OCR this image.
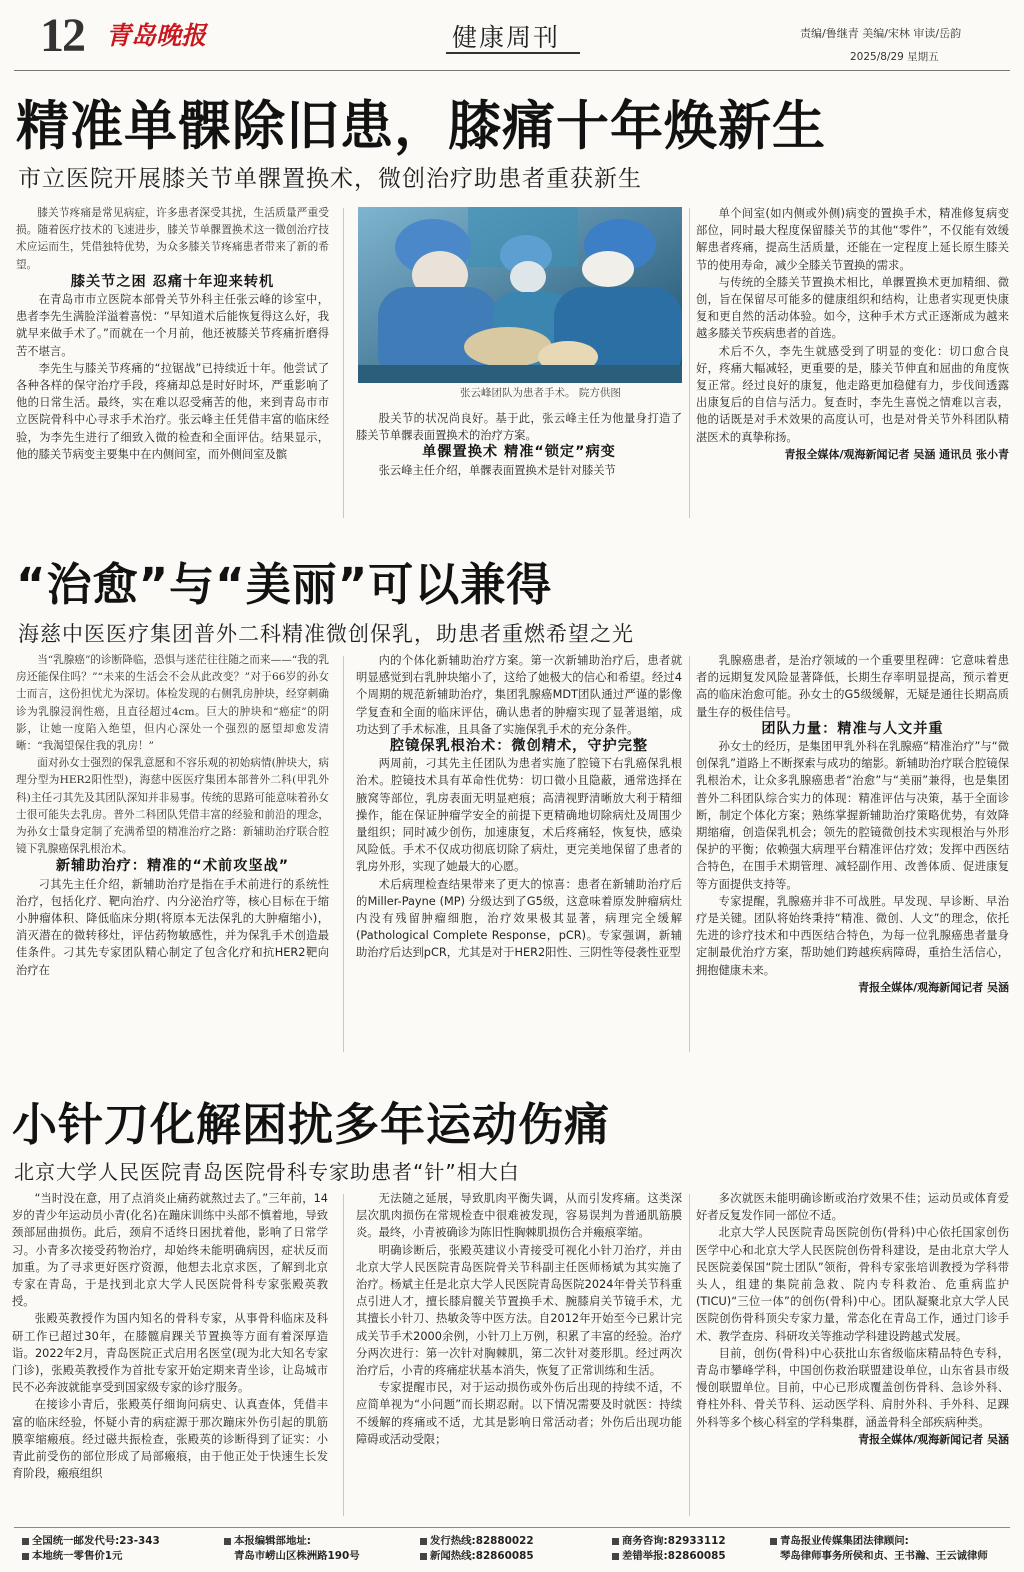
12 青岛晚报	健康周刊	责编/鲁继青 美编/宋林 审读/岳韵
2025/8/29 星期五
精准单髁除旧患，膝痛十年焕新生
市立医院开展膝关节单髁置换术，微创治疗助患者重获新生

膝关节疼痛是常见病症，许多患者深受其扰，生活质量严重受损。随着医疗技术的飞速进步，膝关节单髁置换术这一微创治疗技术应运而生，凭借独特优势，为众多膝关节疼痛患者带来了新的希望。

膝关节之困 忍痛十年迎来转机

在青岛市市立医院本部骨关节外科主任张云峰的诊室中，患者李先生满脸洋溢着喜悦：“早知道术后能恢复得这么好，我就早来做手术了。”而就在一个月前，他还被膝关节疼痛折磨得苦不堪言。

李先生与膝关节疼痛的“拉锯战”已持续近十年。他尝试了各种各样的保守治疗手段，疼痛却总是时好时坏，严重影响了他的日常生活。最终，实在难以忍受痛苦的他，来到青岛市市立医院骨科中心寻求手术治疗。张云峰主任凭借丰富的临床经验，为李先生进行了细致入微的检查和全面评估。结果显示，他的膝关节病变主要集中在内侧间室，而外侧间室及髌

张云峰团队为患者手术。 院方供图

股关节的状况尚良好。基于此，张云峰主任为他量身打造了膝关节单髁表面置换术的治疗方案。

单髁置换术 精准“锁定”病变

张云峰主任介绍，单髁表面置换术是针对膝关节

单个间室(如内侧或外侧)病变的置换手术，精准修复病变部位，同时最大程度保留膝关节的其他“零件”，不仅能有效缓解患者疼痛，提高生活质量，还能在一定程度上延长原生膝关节的使用寿命，减少全膝关节置换的需求。

与传统的全膝关节置换术相比，单髁置换术更加精细、微创，旨在保留尽可能多的健康组织和结构，让患者实现更快康复和更自然的活动体验。如今，这种手术方式正逐渐成为越来越多膝关节疾病患者的首选。

术后不久，李先生就感受到了明显的变化：切口愈合良好，疼痛大幅减轻，更重要的是，膝关节伸直和屈曲的角度恢复正常。经过良好的康复，他走路更加稳健有力，步伐间透露出康复后的自信与活力。复查时，李先生喜悦之情难以言表，他的话既是对手术效果的高度认可，也是对骨关节外科团队精湛医术的真挚称扬。

青报全媒体/观海新闻记者 吴涵 通讯员 张小青

“治愈”与“美丽”可以兼得
海慈中医医疗集团普外二科精准微创保乳，助患者重燃希望之光

当“乳腺癌”的诊断降临，恐惧与迷茫往往随之而来——“我的乳房还能保住吗？”“未来的生活会不会从此改变？”对于66岁的孙女士而言，这份担忧尤为深切。体检发现的右侧乳房肿块，经穿刺确诊为乳腺浸润性癌，且直径超过4cm。巨大的肿块和“癌症”的阴影，让她一度陷入绝望，但内心深处一个强烈的愿望却愈发清晰：“我渴望保住我的乳房！”

面对孙女士强烈的保乳意愿和不容乐观的初始病情(肿块大，病理分型为HER2阳性型)，海慈中医医疗集团本部普外二科(甲乳外科)主任刁其先及其团队深知并非易事。传统的思路可能意味着孙女士很可能失去乳房。普外二科团队凭借丰富的经验和前沿的理念，为孙女士量身定制了充满希望的精准治疗之路：新辅助治疗联合腔镜下乳腺癌保乳根治术。

新辅助治疗：精准的“术前攻坚战”

刁其先主任介绍，新辅助治疗是指在手术前进行的系统性治疗，包括化疗、靶向治疗、内分泌治疗等，核心目标在于缩小肿瘤体积、降低临床分期(将原本无法保乳的大肿瘤缩小)，消灭潜在的微转移灶，评估药物敏感性，并为保乳手术创造最佳条件。刁其先专家团队精心制定了包含化疗和抗HER2靶向治疗在

内的个体化新辅助治疗方案。第一次新辅助治疗后，患者就明显感觉到右乳肿块缩小了，这给了她极大的信心和希望。经过4个周期的规范新辅助治疗，集团乳腺癌MDT团队通过严谨的影像学复查和全面的临床评估，确认患者的肿瘤实现了显著退缩，成功达到了手术标准，且具备了实施保乳手术的充分条件。

腔镜保乳根治术：微创精术，守护完整

两周前，刁其先主任团队为患者实施了腔镜下右乳癌保乳根治术。腔镜技术具有革命性优势：切口微小且隐蔽，通常选择在腋窝等部位，乳房表面无明显疤痕；高清视野清晰放大利于精细操作，能在保证肿瘤学安全的前提下更精确地切除病灶及周围少量组织；同时减少创伤，加速康复，术后疼痛轻，恢复快，感染风险低。手术不仅成功彻底切除了病灶，更完美地保留了患者的乳房外形，实现了她最大的心愿。

术后病理检查结果带来了更大的惊喜：患者在新辅助治疗后的Miller-Payne (MP) 分级达到了G5级，这意味着原发肿瘤病灶内没有残留肿瘤细胞，治疗效果极其显著，病理完全缓解 (Pathological Complete Response，pCR)。专家强调，新辅助治疗后达到pCR，尤其是对于HER2阳性、三阴性等侵袭性亚型

乳腺癌患者，是治疗领域的一个重要里程碑：它意味着患者的远期复发风险显著降低，长期生存率明显提高，预示着更高的临床治愈可能。孙女士的G5级缓解，无疑是通往长期高质量生存的极佳信号。

团队力量：精准与人文并重

孙女士的经历，是集团甲乳外科在乳腺癌“精准治疗”与“微创保乳”道路上不断探索与成功的缩影。新辅助治疗联合腔镜保乳根治术，让众多乳腺癌患者“治愈”与“美丽”兼得，也是集团普外二科团队综合实力的体现：精准评估与决策，基于全面诊断，制定个体化方案；熟练掌握新辅助治疗策略优势，有效降期缩瘤，创造保乳机会；领先的腔镜微创技术实现根治与外形保护的平衡；依赖强大病理平台精准评估疗效；发挥中西医结合特色，在围手术期管理、减轻副作用、改善体质、促进康复等方面提供支持等。

专家提醒，乳腺癌并非不可战胜。早发现、早诊断、早治疗是关键。团队将始终秉持“精准、微创、人文”的理念，依托先进的诊疗技术和中西医结合特色，为每一位乳腺癌患者量身定制最优治疗方案，帮助她们跨越疾病障碍，重拾生活信心，拥抱健康未来。

青报全媒体/观海新闻记者 吴涵

小针刀化解困扰多年运动伤痛
北京大学人民医院青岛医院骨科专家助患者“针”相大白

“当时没在意，用了点消炎止痛药就熬过去了。”三年前，14岁的青少年运动员小青(化名)在蹦床训练中头部不慎着地，导致颈部屈曲损伤。此后，颈肩不适终日困扰着他，影响了日常学习。小青多次接受药物治疗，却始终未能明确病因，症状反而加重。为了寻求更好医疗资源，他想去北京求医，了解到北京专家在青岛，于是找到北京大学人民医院骨科专家张殿英教授。

张殿英教授作为国内知名的骨科专家，从事骨科临床及科研工作已超过30年，在膝髋肩踝关节置换等方面有着深厚造诣。2022年2月，青岛医院正式启用名医堂(现为北大知名专家门诊)，张殿英教授作为首批专家开始定期来青坐诊，让岛城市民不必奔波就能享受到国家级专家的诊疗服务。

在接诊小青后，张殿英仔细询问病史、认真查体，凭借丰富的临床经验，怀疑小青的病症源于那次蹦床外伤引起的肌筋膜挛缩瘢痕。经过磁共振检查，张殿英的诊断得到了证实：小青此前受伤的部位形成了局部瘢痕，由于他正处于快速生长发育阶段，瘢痕组织

无法随之延展，导致肌肉平衡失调，从而引发疼痛。这类深层次肌肉损伤在常规检查中很难被发现，容易误判为普通肌筋膜炎。最终，小青被确诊为陈旧性胸棘肌损伤合并瘢痕挛缩。

明确诊断后，张殿英建议小青接受可视化小针刀治疗，并由北京大学人民医院青岛医院骨关节科副主任医师杨斌为其实施了治疗。杨斌主任是北京大学人民医院青岛医院2024年骨关节科重点引进人才，擅长膝肩髋关节置换手术、腕膝肩关节镜手术，尤其擅长小针刀、热敏灸等中医方法。自2012年开始至今已累计完成关节手术2000余例，小针刀上万例，积累了丰富的经验。治疗分两次进行：第一次针对胸棘肌，第二次针对菱形肌。经过两次治疗后，小青的疼痛症状基本消失，恢复了正常训练和生活。

专家提醒市民，对于运动损伤或外伤后出现的持续不适，不应简单视为“小问题”而长期忍耐。以下情况需要及时就医：持续不缓解的疼痛或不适，尤其是影响日常活动者；外伤后出现功能障碍或活动受限；

多次就医未能明确诊断或治疗效果不佳；运动员或体育爱好者反复发作同一部位不适。

北京大学人民医院青岛医院创伤(骨科)中心依托国家创伤医学中心和北京大学人民医院创伤骨科建设，是由北京大学人民医院姜保国“院士团队”领衔，骨科专家张培训教授为学科带头人，组建的集院前急救、院内专科救治、危重病监护(TICU)“三位一体”的创伤(骨科)中心。团队凝聚北京大学人民医院创伤骨科顶尖专家力量，常态化在青岛工作，通过门诊手术、教学查房、科研攻关等推动学科建设跨越式发展。

目前，创伤(骨科)中心获批山东省级临床精品特色专科，青岛市攀峰学科，中国创伤救治联盟建设单位，山东省县市级慢创联盟单位。目前，中心已形成覆盖创伤骨科、急诊外科、脊柱外科、骨关节科、运动医学科、肩肘外科、手外科、足踝外科等多个核心科室的学科集群，涵盖骨科全部疾病种类。

青报全媒体/观海新闻记者 吴涵

全国统一邮发代号:23-343
本地统一零售价1元
本报编辑部地址:
青岛市崂山区株洲路190号
发行热线:82880022
新闻热线:82860085
商务咨询:82933112
差错举报:82860085
青岛报业传媒集团法律顾问:
琴岛律师事务所侯和贞、王书瀚、王云诚律师
